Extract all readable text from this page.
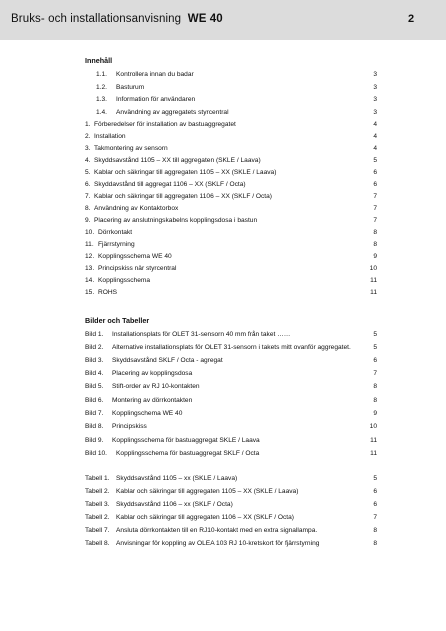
Bruks- och installationsanvisning WE 40	2
Innehåll
1.1. Kontrollera innan du badar	3
1.2. Basturum	3
1.3. Information för användaren	3
1.4. Användning av aggregatets styrcentral	3
1. Förberedelser för installation av bastuaggregatet	4
2. Installation	4
3. Takmontering av sensorn	4
4. Skyddsavstånd 1105 – XX till aggregaten (SKLE / Laava)	5
5. Kablar och säkringar till aggregaten 1105 – XX (SKLE / Laava)	6
6. Skyddavstånd till aggregat 1106 – XX (SKLF / Octa)	6
7. Kablar och säkringar till aggregaten 1106 – XX (SKLF / Octa)	7
8. Användning av Kontaktorbox	7
9. Placering av anslutningskabelns kopplingsdosa i bastun	7
10. Dörrkontakt	8
11. Fjärrstyrning	8
12. Kopplingsschema WE 40	9
13. Principskiss när styrcentral	10
14. Kopplingsschema	11
15. ROHS	11
Bilder och Tabeller
Bild 1. Installationsplats för OLET 31-sensorn 40 mm från taket ……	5
Bild 2. Alternative installationsplats för OLET 31-sensorn i takets mitt ovanför aggregatet.	5
Bild 3. Skyddsavstånd SKLF / Octa - agregat	6
Bild 4. Placering av kopplingsdosa	7
Bild 5. Stift-order av RJ 10-kontakten	8
Bild 6. Montering av dörrkontakten	8
Bild 7. Kopplingschema WE 40	9
Bild 8. Principskiss	10
Bild 9. Kopplingsschema för bastuaggregat SKLE / Laava	11
Bild 10. Kopplingsschema för bastuaggregat SKLF / Octa	11
Tabell 1. Skyddsavstånd 1105 – xx (SKLE / Laava)	5
Tabell 2. Kablar och säkringar till aggregaten 1105 – XX (SKLE / Laava)	6
Tabell 3. Skyddsavstånd 1106 – xx (SKLF / Octa)	6
Tabell 2. Kablar och säkringar till aggregaten 1106 – XX (SKLF / Octa)	7
Tabell 7. Ansluta dörrkontakten till en RJ10-kontakt med en extra signallampa.	8
Tabell 8. Anvisningar för koppling av OLEA 103 RJ 10-kretskort för fjärrstyrning	8
